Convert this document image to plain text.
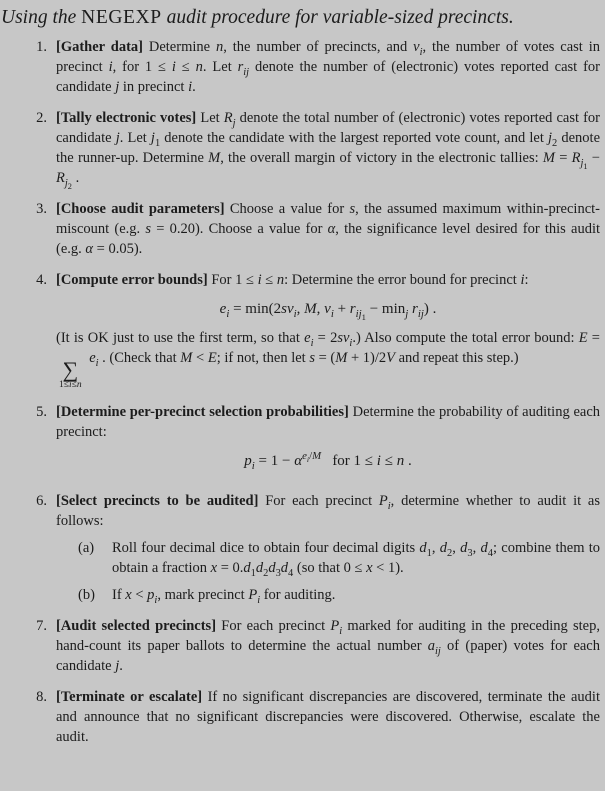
Using the NEGEXP audit procedure for variable-sized precincts.
1. [Gather data] Determine n, the number of precincts, and $v_i$, the number of votes cast in precinct i, for 1 ≤ i ≤ n. Let $r_{ij}$ denote the number of (electronic) votes reported cast for candidate j in precinct i.
2. [Tally electronic votes] Let $R_j$ denote the total number of (electronic) votes reported cast for candidate j. Let $j_1$ denote the candidate with the largest reported vote count, and let $j_2$ denote the runner-up. Determine M, the overall margin of victory in the electronic tallies: $M = R_{j_1} - R_{j_2}$ .
3. [Choose audit parameters] Choose a value for s, the assumed maximum within-precinct-miscount (e.g. s = 0.20). Choose a value for α, the significance level desired for this audit (e.g. α = 0.05).
4. [Compute error bounds] For 1 ≤ i ≤ n: Determine the error bound for precinct i:
$e_i = \min(2sv_i$, M, $v_i + r_{ij_1} - \min_j r_{ij}$) .
(It is OK just to use the first term, so that $e_i = 2sv_i$.) Also compute the total error bound: E =
∑
1≤i≤n
$e_i$ . (Check that M < E; if not, then let s = (M + 1)/2V and repeat this step.)
5. [Determine per-precinct selection probabilities] Determine the probability of auditing each precinct:
$p_i = 1 - \alpha^{e_i/M}$   for 1 ≤ i ≤ n .
6. [Select precincts to be audited] For each precinct $P_i$, determine whether to audit it as follows:
(a)	Roll four decimal dice to obtain four decimal digits $d_1$, $d_2$, $d_3$, $d_4$; combine them to obtain a fraction $x = 0.d_1d_2d_3d_4$ (so that 0 ≤ x < 1).
(b)	If $x < p_i$, mark precinct $P_i$ for auditing.
7. [Audit selected precincts] For each precinct $P_i$ marked for auditing in the preceding step, hand-count its paper ballots to determine the actual number $a_{ij}$ of (paper) votes for each candidate j.
8. [Terminate or escalate] If no significant discrepancies are discovered, terminate the audit and announce that no significant discrepancies were discovered. Otherwise, escalate the audit.
